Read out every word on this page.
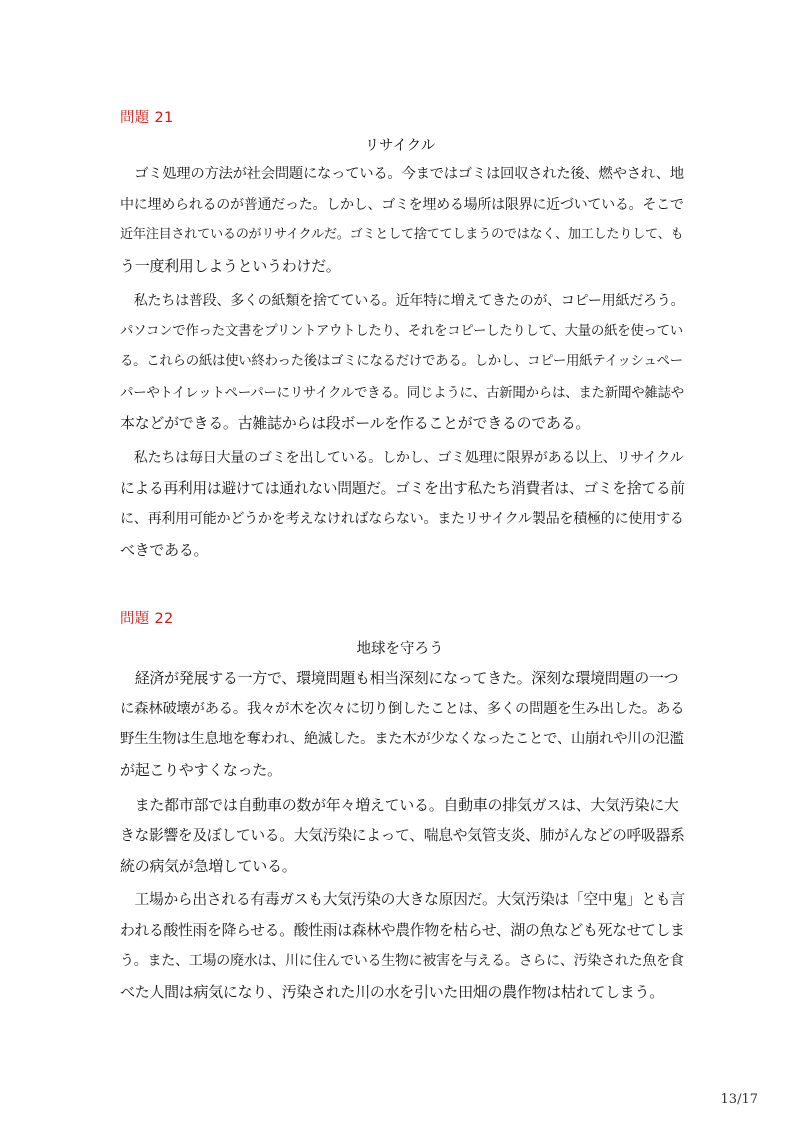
問題 21
リサイクル
　ゴミ処理の方法が社会問題になっている。今まではゴミは回収された後、燃やされ、地
中に埋められるのが普通だった。しかし、ゴミを埋める場所は限界に近づいている。そこで
近年注目されているのがリサイクルだ。ゴミとして捨ててしまうのではなく、加工したりして、も
う一度利用しようというわけだ。
　私たちは普段、多くの紙類を捨てている。近年特に増えてきたのが、コピー用紙だろう。
パソコンで作った文書をプリントアウトしたり、それをコピーしたりして、大量の紙を使ってい
る。これらの紙は使い終わった後はゴミになるだけである。しかし、コピー用紙テイッシュペー
パーやトイレットペーパーにリサイクルできる。同じように、古新聞からは、また新聞や雑誌や
本などができる。古雑誌からは段ボールを作ることができるのである。
　私たちは毎日大量のゴミを出している。しかし、ゴミ処理に限界がある以上、リサイクル
による再利用は避けては通れない問題だ。ゴミを出す私たち消費者は、ゴミを捨てる前
に、再利用可能かどうかを考えなければならない。またリサイクル製品を積極的に使用する
べきである。
問題 22
地球を守ろう
　経済が発展する一方で、環境問題も相当深刻になってきた。深刻な環境問題の一つ
に森林破壊がある。我々が木を次々に切り倒したことは、多くの問題を生み出した。ある
野生生物は生息地を奪われ、絶滅した。また木が少なくなったことで、山崩れや川の氾濫
が起こりやすくなった。
　また都市部では自動車の数が年々増えている。自動車の排気ガスは、大気汚染に大
きな影響を及ぼしている。大気汚染によって、喘息や気管支炎、肺がんなどの呼吸器系
統の病気が急増している。
　工場から出される有毒ガスも大気汚染の大きな原因だ。大気汚染は「空中鬼」とも言
われる酸性雨を降らせる。酸性雨は森林や農作物を枯らせ、湖の魚なども死なせてしま
う。また、工場の廃水は、川に住んでいる生物に被害を与える。さらに、汚染された魚を食
べた人間は病気になり、汚染された川の水を引いた田畑の農作物は枯れてしまう。
13/17
